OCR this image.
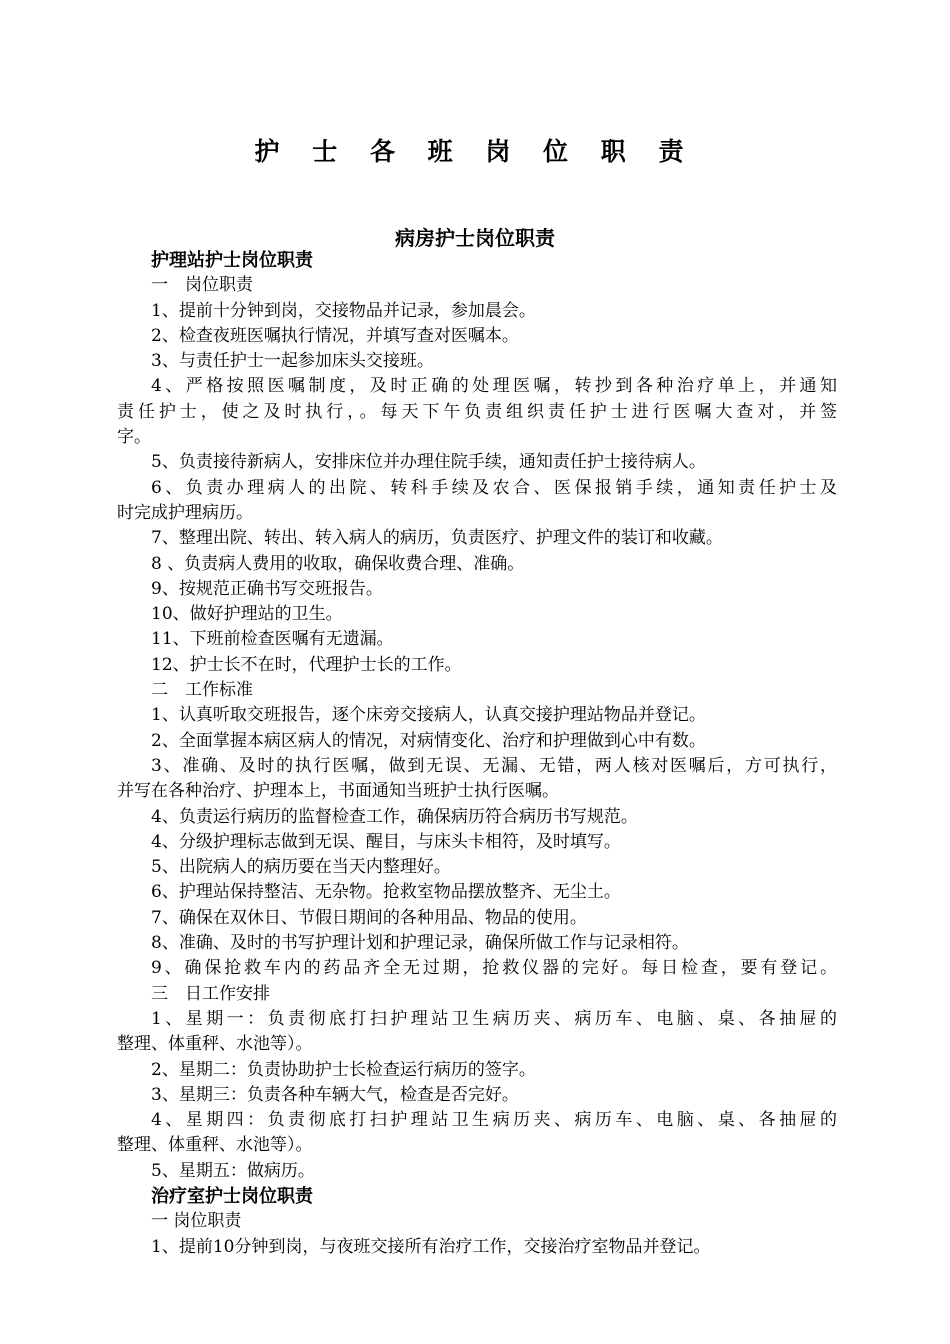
护 士 各 班 岗 位 职 责
病房护士岗位职责
护理站护士岗位职责
一　岗位职责
1、提前十分钟到岗，交接物品并记录，参加晨会。
2、检查夜班医嘱执行情况，并填写查对医嘱本。
3、与责任护士一起参加床头交接班。
4、严格按照医嘱制度，及时正确的处理医嘱，转抄到各种治疗单上，并通知
责任护士，使之及时执行，。每天下午负责组织责任护士进行医嘱大查对，并签
字。
5、负责接待新病人，安排床位并办理住院手续，通知责任护士接待病人。
6、负责办理病人的出院、转科手续及农合、医保报销手续，通知责任护士及
时完成护理病历。
7、整理出院、转出、转入病人的病历，负责医疗、护理文件的装订和收藏。
8 、负责病人费用的收取，确保收费合理、准确。
9、按规范正确书写交班报告。
10、做好护理站的卫生。
11、下班前检查医嘱有无遗漏。
12、护士长不在时，代理护士长的工作。
二　工作标准
1、认真听取交班报告，逐个床旁交接病人，认真交接护理站物品并登记。
2、全面掌握本病区病人的情况，对病情变化、治疗和护理做到心中有数。
3、准确、及时的执行医嘱，做到无误、无漏、无错，两人核对医嘱后，方可执行，
并写在各种治疗、护理本上，书面通知当班护士执行医嘱。
4、负责运行病历的监督检查工作，确保病历符合病历书写规范。
4、分级护理标志做到无误、醒目，与床头卡相符，及时填写。
5、出院病人的病历要在当天内整理好。
6、护理站保持整洁、无杂物。抢救室物品摆放整齐、无尘土。
7、确保在双休日、节假日期间的各种用品、物品的使用。
8、准确、及时的书写护理计划和护理记录，确保所做工作与记录相符。
9、确保抢救车内的药品齐全无过期，抢救仪器的完好。每日检查，要有登记。
三　日工作安排
1、星期一：负责彻底打扫护理站卫生病历夹、病历车、电脑、桌、各抽屉的
整理、体重秤、水池等）。
2、星期二：负责协助护士长检查运行病历的签字。
3、星期三：负责各种车辆大气，检查是否完好。
4、星期四：负责彻底打扫护理站卫生病历夹、病历车、电脑、桌、各抽屉的
整理、体重秤、水池等）。
5、星期五：做病历。
治疗室护士岗位职责
一 岗位职责
1、提前10分钟到岗，与夜班交接所有治疗工作，交接治疗室物品并登记。
